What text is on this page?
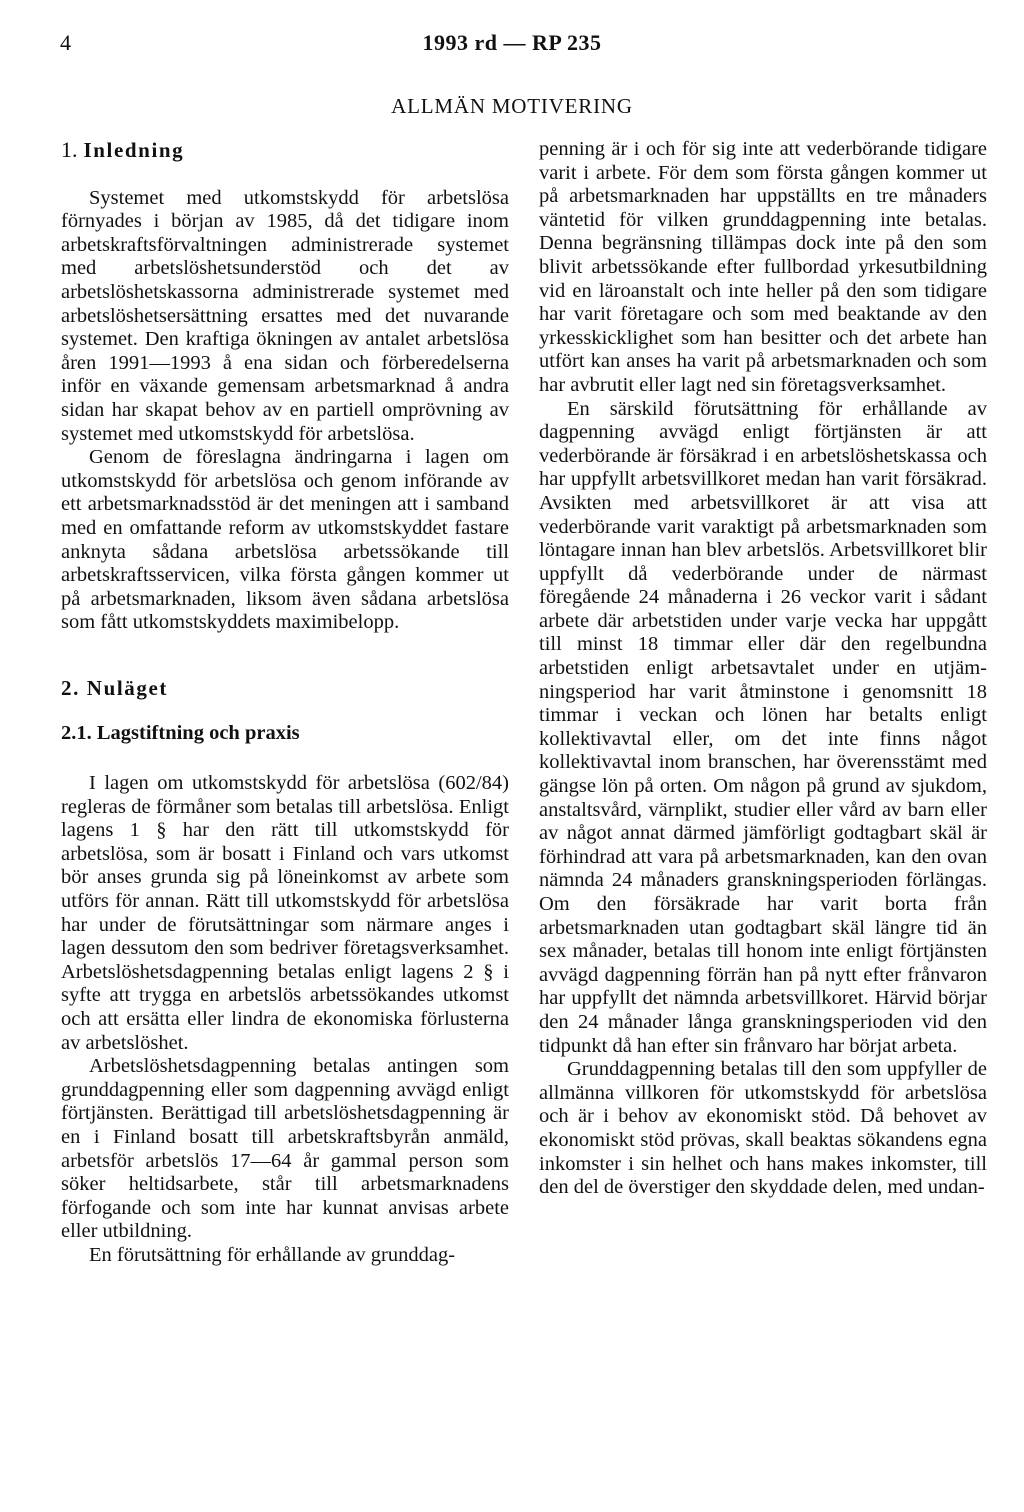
4	1993 rd — RP 235
ALLMÄN MOTIVERING
1. Inledning

Systemet med utkomstskydd för arbetslösa förnyades i början av 1985, då det tidigare inom arbetskraftsförvaltningen administrerade systemet med arbetslöshetsunderstöd och det av arbetslöshetskassorna administrerade systemet med arbetslöshetsersättning ersattes med det nuvarande systemet. Den kraftiga ökningen av antalet arbetslösa åren 1991—1993 å ena sidan och förberedelserna inför en växande gemensam arbetsmarknad å andra sidan har skapat behov av en partiell omprövning av systemet med utkomstskydd för arbetslösa.

Genom de föreslagna ändringarna i lagen om utkomstskydd för arbetslösa och genom införande av ett arbetsmarknadsstöd är det meningen att i samband med en omfattande reform av utkomstskyddet fastare anknyta sådana arbetslösa arbetssökande till arbetskraftsservicen, vilka första gången kommer ut på arbetsmarknaden, liksom även sådana arbetslösa som fått utkomstskyddets maximibelopp.

2. Nuläget
2.1. Lagstiftning och praxis

I lagen om utkomstskydd för arbetslösa (602/84) regleras de förmåner som betalas till arbetslösa. Enligt lagens 1 § har den rätt till utkomstskydd för arbetslösa, som är bosatt i Finland och vars utkomst bör anses grunda sig på löneinkomst av arbete som utförs för annan. Rätt till utkomstskydd för arbetslösa har under de förutsättningar som närmare anges i lagen dessutom den som bedriver företagsverksamhet. Arbetslöshetsdagpenning betalas enligt lagens 2 § i syfte att trygga en arbetslös arbetssökandes utkomst och att ersätta eller lindra de ekonomiska förlusterna av arbetslöshet.

Arbetslöshetsdagpenning betalas antingen som grunddagpenning eller som dagpenning avvägd enligt förtjänsten. Berättigad till arbetslöshetsdagpenning är en i Finland bosatt till arbetskraftsbyrån anmäld, arbetsför arbetslös 17—64 år gammal person som söker heltidsarbete, står till arbetsmarknadens förfogande och som inte har kunnat anvisas arbete eller utbildning.

En förutsättning för erhållande av grunddag-

penning är i och för sig inte att vederbörande tidigare varit i arbete. För dem som första gången kommer ut på arbetsmarknaden har uppställts en tre månaders väntetid för vilken grunddagpenning inte betalas. Denna begränsning tillämpas dock inte på den som blivit arbetssökande efter fullbordad yrkesutbildning vid en läroanstalt och inte heller på den som tidigare har varit företagare och som med beaktande av den yrkesskicklighet som han besitter och det arbete han utfört kan anses ha varit på arbetsmarknaden och som har avbrutit eller lagt ned sin företagsverksamhet.

En särskild förutsättning för erhållande av dagpenning avvägd enligt förtjänsten är att vederbörande är försäkrad i en arbetslöshetskassa och har uppfyllt arbetsvillkoret medan han varit försäkrad. Avsikten med arbetsvillkoret är att visa att vederbörande varit varaktigt på arbetsmarknaden som löntagare innan han blev arbetslös. Arbetsvillkoret blir uppfyllt då vederbörande under de närmast föregående 24 månaderna i 26 veckor varit i sådant arbete där arbetstiden under varje vecka har uppgått till minst 18 timmar eller där den regelbundna arbetstiden enligt arbetsavtalet under en utjämningsperiod har varit åtminstone i genomsnitt 18 timmar i veckan och lönen har betalts enligt kollektivavtal eller, om det inte finns något kollektivavtal inom branschen, har överensstämt med gängse lön på orten. Om någon på grund av sjukdom, anstaltsvård, värnplikt, studier eller vård av barn eller av något annat därmed jämförligt godtagbart skäl är förhindrad att vara på arbetsmarknaden, kan den ovan nämnda 24 månaders granskningsperioden förlängas. Om den försäkrade har varit borta från arbetsmarknaden utan godtagbart skäl längre tid än sex månader, betalas till honom inte enligt förtjänsten avvägd dagpenning förrän han på nytt efter frånvaron har uppfyllt det nämnda arbetsvillkoret. Härvid börjar den 24 månader långa granskningsperioden vid den tidpunkt då han efter sin frånvaro har börjat arbeta.

Grunddagpenning betalas till den som uppfyller de allmänna villkoren för utkomstskydd för arbetslösa och är i behov av ekonomiskt stöd. Då behovet av ekonomiskt stöd prövas, skall beaktas sökandens egna inkomster i sin helhet och hans makes inkomster, till den del de överstiger den skyddade delen, med undan-
